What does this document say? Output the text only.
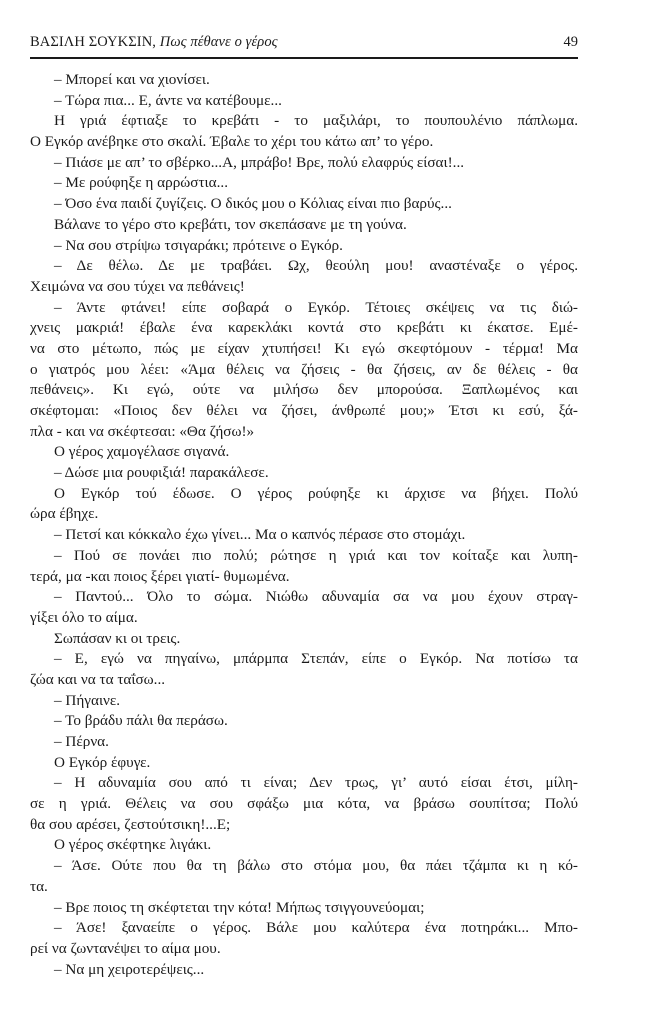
ΒΑΣΙΛΗ ΣΟΥΚΣΙΝ, Πως πέθανε ο γέρος	49
– Μπορεί και να χιονίσει.
– Τώρα πια... Ε, άντε να κατέβουμε...
Η γριά έφτιαξε το κρεβάτι - το μαξιλάρι, το πουπουλένιο πάπλωμα.
Ο Εγκόρ ανέβηκε στο σκαλί. Έβαλε το χέρι του κάτω απ’ το γέρο.
– Πιάσε με απ’ το σβέρκο...Α, μπράβο! Βρε, πολύ ελαφρύς είσαι!...
– Με ρούφηξε η αρρώστια...
– Όσο ένα παιδί ζυγίζεις. Ο δικός μου ο Κόλιας είναι πιο βαρύς...
Βάλανε το γέρο στο κρεβάτι, τον σκεπάσανε με τη γούνα.
– Να σου στρίψω τσιγαράκι; πρότεινε ο Εγκόρ.
– Δε θέλω. Δε με τραβάει. Ωχ, θεούλη μου! αναστέναξε ο γέρος.
Χειμώνα να σου τύχει να πεθάνεις!
– Άντε φτάνει! είπε σοβαρά ο Εγκόρ. Τέτοιες σκέψεις να τις διώ-
χνεις μακριά! έβαλε ένα καρεκλάκι κοντά στο κρεβάτι κι έκατσε. Εμέ-
να στο μέτωπο, πώς με είχαν χτυπήσει! Κι εγώ σκεφτόμουν - τέρμα! Μα
ο γιατρός μου λέει: «Άμα θέλεις να ζήσεις - θα ζήσεις, αν δε θέλεις - θα
πεθάνεις». Κι εγώ, ούτε να μιλήσω δεν μπορούσα. Ξαπλωμένος και
σκέφτομαι: «Ποιος δεν θέλει να ζήσει, άνθρωπέ μου;» Έτσι κι εσύ, ξά-
πλα - και να σκέφτεσαι: «Θα ζήσω!»
Ο γέρος χαμογέλασε σιγανά.
– Δώσε μια ρουφιξιά! παρακάλεσε.
Ο Εγκόρ τού έδωσε. Ο γέρος ρούφηξε κι άρχισε να βήχει. Πολύ
ώρα έβηχε.
– Πετσί και κόκκαλο έχω γίνει... Μα ο καπνός πέρασε στο στομάχι.
– Πού σε πονάει πιο πολύ; ρώτησε η γριά και τον κοίταξε και λυπη-
τερά, μα -και ποιος ξέρει γιατί- θυμωμένα.
– Παντού... Όλο το σώμα. Νιώθω αδυναμία σα να μου έχουν στραγ-
γίξει όλο το αίμα.
Σωπάσαν κι οι τρεις.
– Ε, εγώ να πηγαίνω, μπάρμπα Στεπάν, είπε ο Εγκόρ. Να ποτίσω τα
ζώα και να τα ταΐσω...
– Πήγαινε.
– Το βράδυ πάλι θα περάσω.
– Πέρνα.
Ο Εγκόρ έφυγε.
– Η αδυναμία σου από τι είναι; Δεν τρως, γι’ αυτό είσαι έτσι, μίλη-
σε η γριά. Θέλεις να σου σφάξω μια κότα, να βράσω σουπίτσα; Πολύ
θα σου αρέσει, ζεστούτσικη!...Ε;
Ο γέρος σκέφτηκε λιγάκι.
– Άσε. Ούτε που θα τη βάλω στο στόμα μου, θα πάει τζάμπα κι η κό-
τα.
– Βρε ποιος τη σκέφτεται την κότα! Μήπως τσιγγουνεύομαι;
– Άσε! ξαναείπε ο γέρος. Βάλε μου καλύτερα ένα ποτηράκι... Μπο-
ρεί να ζωντανέψει το αίμα μου.
– Να μη χειροτερέψεις...
